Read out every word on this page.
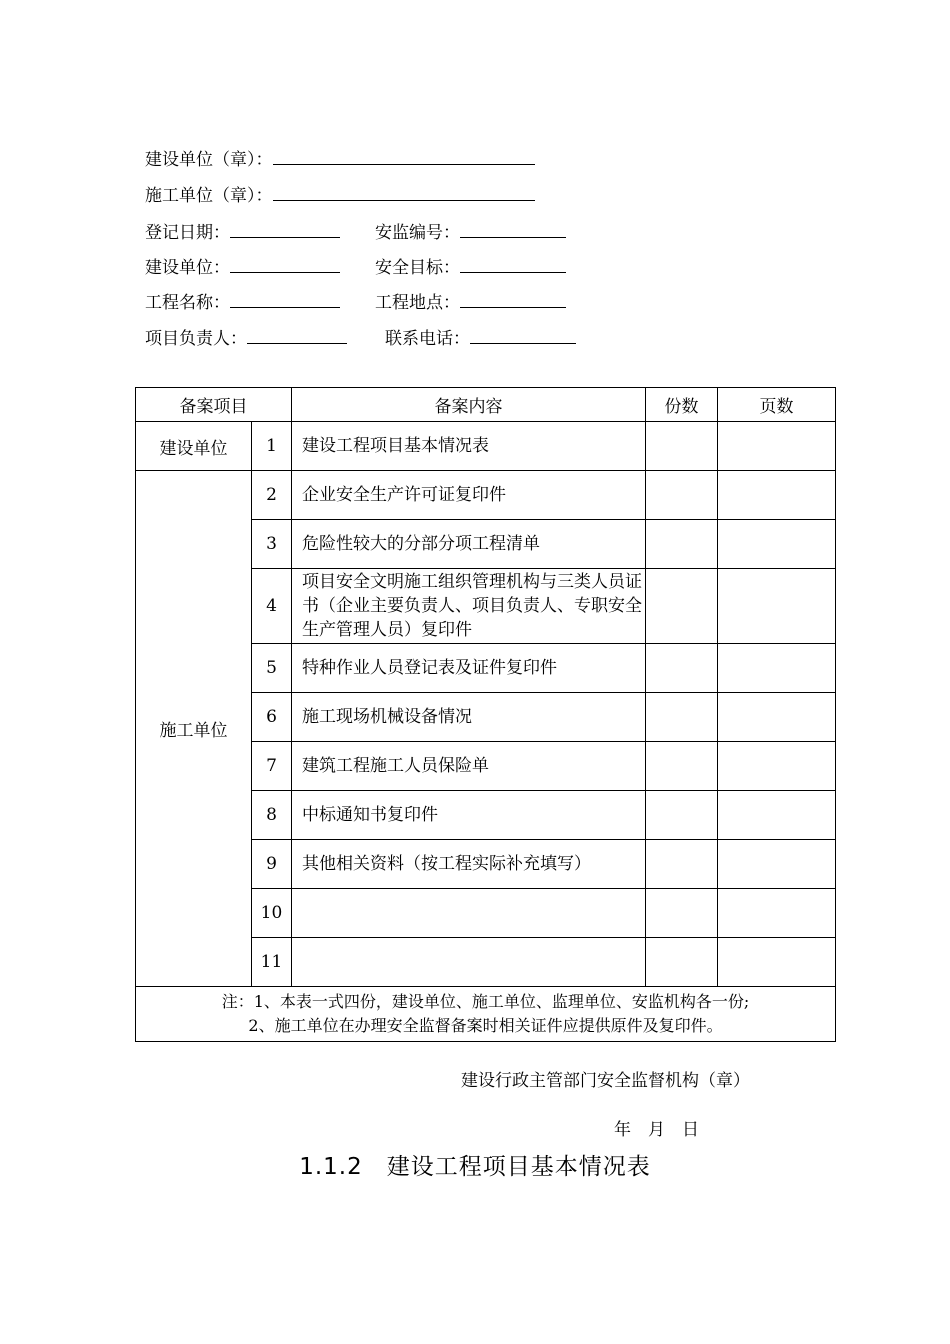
建设单位（章）：
施工单位（章）：
登记日期：	安监编号：
建设单位：	安全目标：
工程名称：	工程地点：
项目负责人：	联系电话：
备案项目		备案内容	份数	页数
建设单位	1	建设工程项目基本情况表		
施工单位	2	企业安全生产许可证复印件		
	3	危险性较大的分部分项工程清单		
	4	项目安全文明施工组织管理机构与三类人员证书（企业主要负责人、项目负责人、专职安全生产管理人员）复印件		
	5	特种作业人员登记表及证件复印件		
	6	施工现场机械设备情况		
	7	建筑工程施工人员保险单		
	8	中标通知书复印件		
	9	其他相关资料（按工程实际补充填写）		
	10			
	11			

注：1、本表一式四份，建设单位、施工单位、监理单位、安监机构各一份;
2、施工单位在办理安全监督备案时相关证件应提供原件及复印件。				
建设行政主管部门安全监督机构（章）
年　月　日
1.1.2　建设工程项目基本情况表
